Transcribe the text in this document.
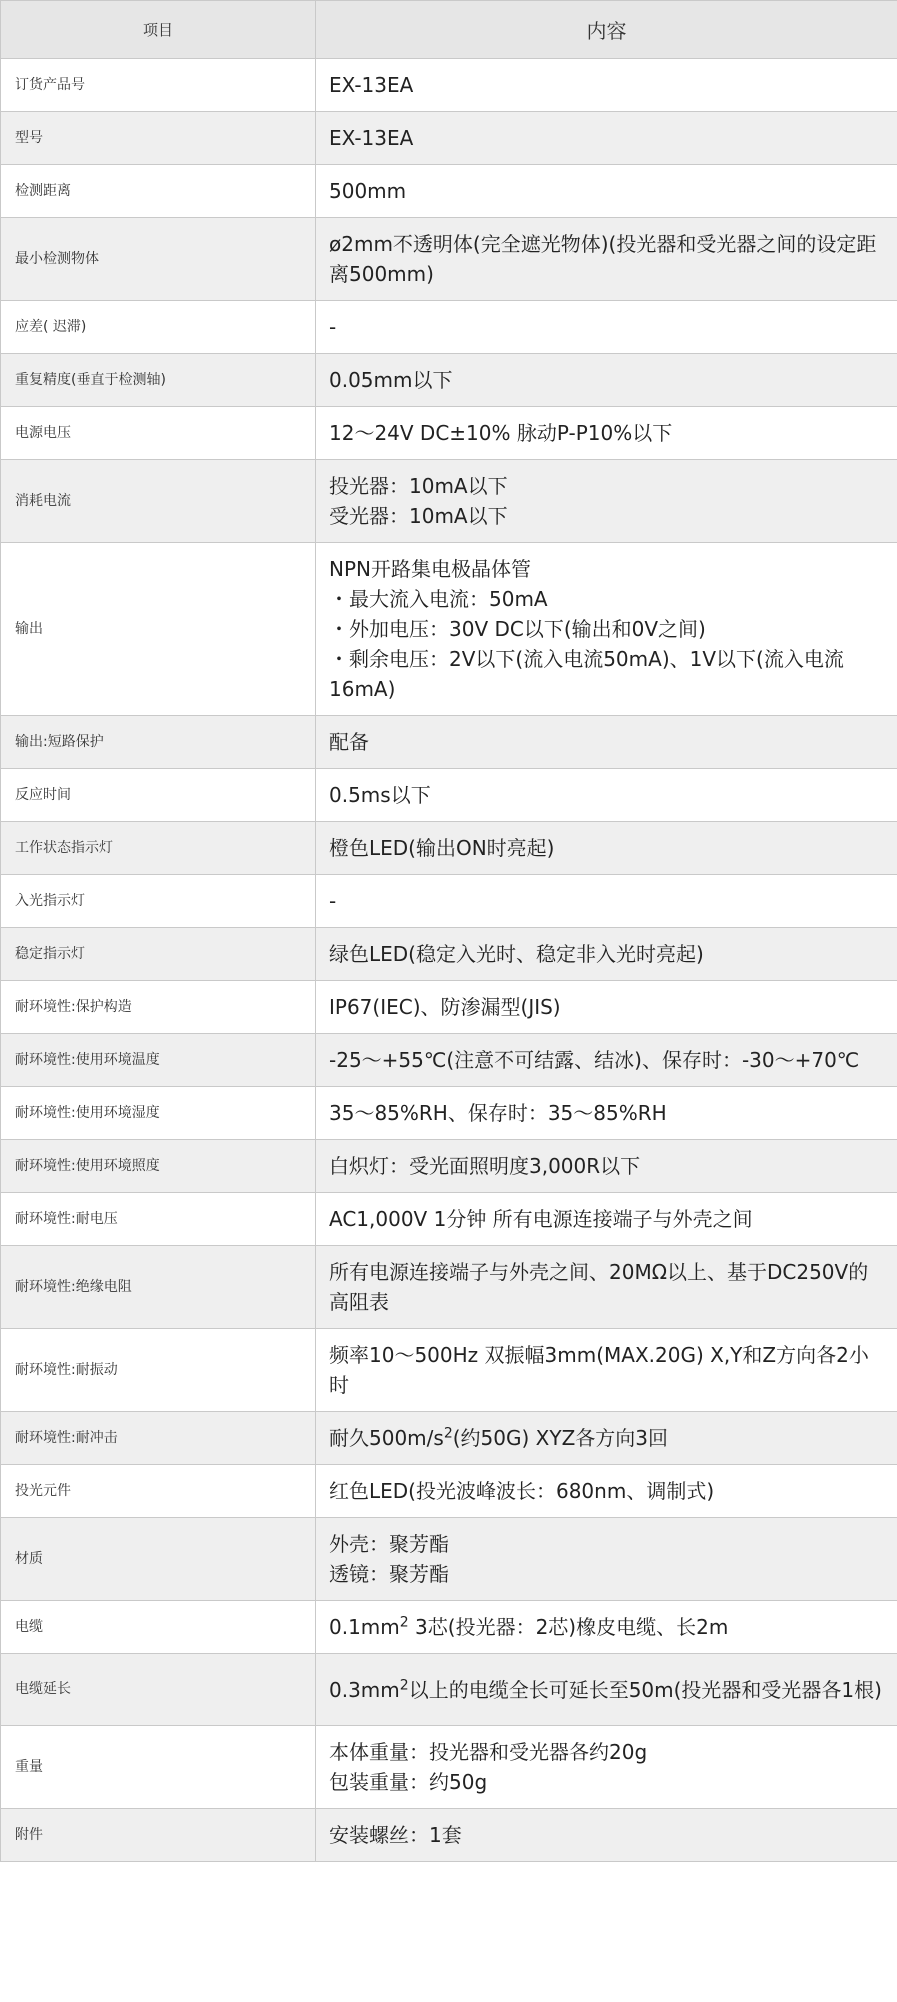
项目	内容
订货产品号	EX-13EA

型号	EX-13EA

检测距离	500mm

最小检测物体	ø2mm不透明体(完全遮光物体)(投光器和受光器之间的设定距离500mm)

应差( 迟滞)	-

重复精度(垂直于检测轴)	0.05mm以下

电源电压	12～24V DC±10% 脉动P-P10%以下

消耗电流	投光器：10mA以下
受光器：10mA以下

输出	NPN开路集电极晶体管
・最大流入电流：50mA
・外加电压：30V DC以下(输出和0V之间)
・剩余电压：2V以下(流入电流50mA)、1V以下(流入电流16mA)

输出:短路保护	配备

反应时间	0.5ms以下

工作状态指示灯	橙色LED(输出ON时亮起)

入光指示灯	-

稳定指示灯	绿色LED(稳定入光时、稳定非入光时亮起)

耐环境性:保护构造	IP67(IEC)、防渗漏型(JIS)

耐环境性:使用环境温度	-25～+55℃(注意不可结露、结冰)、保存时：-30～+70℃

耐环境性:使用环境湿度	35～85%RH、保存时：35～85%RH

耐环境性:使用环境照度	白炽灯：受光面照明度3,000R以下

耐环境性:耐电压	AC1,000V 1分钟 所有电源连接端子与外壳之间

耐环境性:绝缘电阻	所有电源连接端子与外壳之间、20MΩ以上、基于DC250V的高阻表

耐环境性:耐振动	频率10～500Hz 双振幅3mm(MAX.20G) X,Y和Z方向各2小时

耐环境性:耐冲击	耐久$500m/s^2$(约50G) XYZ各方向3回
投光元件	红色LED(投光波峰波长：680nm、调制式)

材质	外壳：聚芳酯
透镜：聚芳酯

电缆	$0.1mm^2$ 3芯(投光器：2芯)橡皮电缆、长2m
电缆延长	$0.3mm^2$以上的电缆全长可延长至50m(投光器和受光器各1根)
重量	本体重量：投光器和受光器各约20g
包装重量：约50g

附件	安装螺丝：1套
